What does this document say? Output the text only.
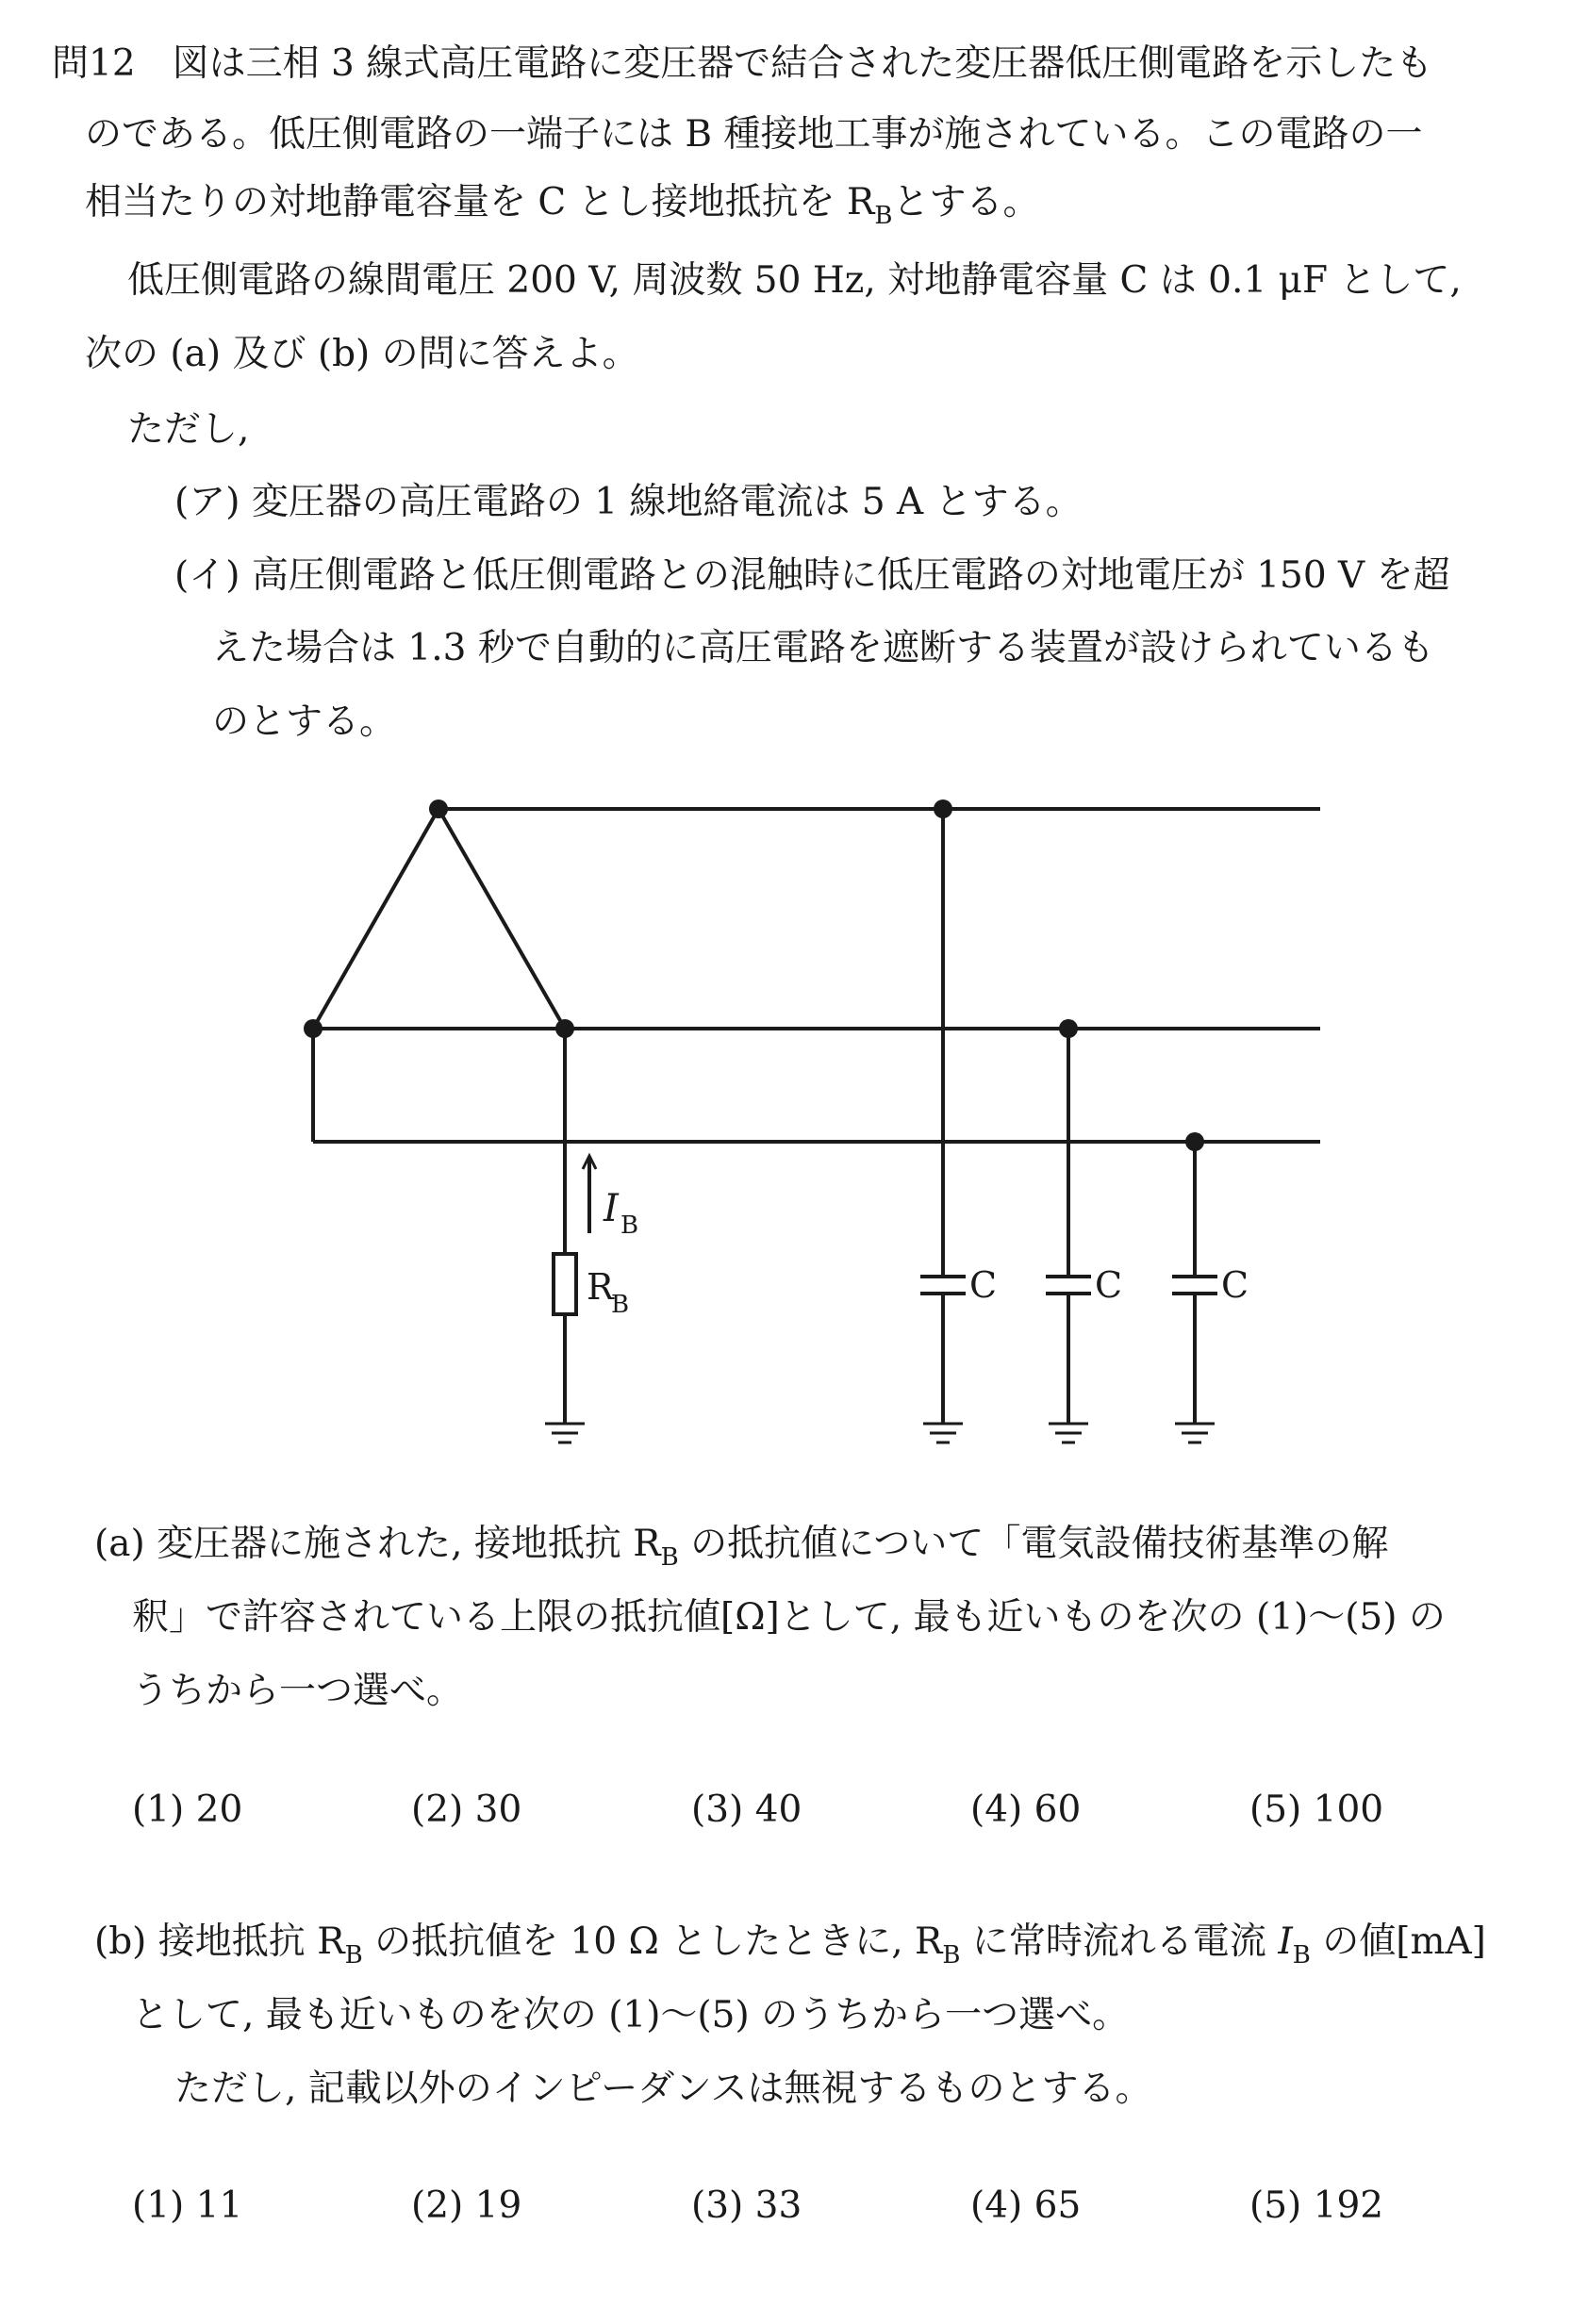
問12　図は三相 3 線式高圧電路に変圧器で結合された変圧器低圧側電路を示したも
のである。低圧側電路の一端子には B 種接地工事が施されている。この電路の一
相当たりの対地静電容量を C とし接地抵抗を $R_B$とする。
低圧側電路の線間電圧 200 V, 周波数 50 Hz, 対地静電容量 C は 0.1 μF として,
次の (a) 及び (b) の問に答えよ。
ただし,
(ア) 変圧器の高圧電路の 1 線地絡電流は 5 A とする。
(イ) 高圧側電路と低圧側電路との混触時に低圧電路の対地電圧が 150 V を超
えた場合は 1.3 秒で自動的に高圧電路を遮断する装置が設けられているも
のとする。
I B
R
B	C	C	C
(a) 変圧器に施された, 接地抵抗 $R_B$ の抵抗値について「電気設備技術基準の解
釈」で許容されている上限の抵抗値[Ω]として, 最も近いものを次の (1)～(5) の
うちから一つ選べ。
(1) 20	(2) 30	(3) 40	(4) 60	(5) 100
(b) 接地抵抗 $R_B$ の抵抗値を 10 Ω としたときに, $R_B$ に常時流れる電流 $I_B$ の値[mA]
として, 最も近いものを次の (1)～(5) のうちから一つ選べ。
ただし, 記載以外のインピーダンスは無視するものとする。
(1) 11	(2) 19	(3) 33	(4) 65	(5) 192
